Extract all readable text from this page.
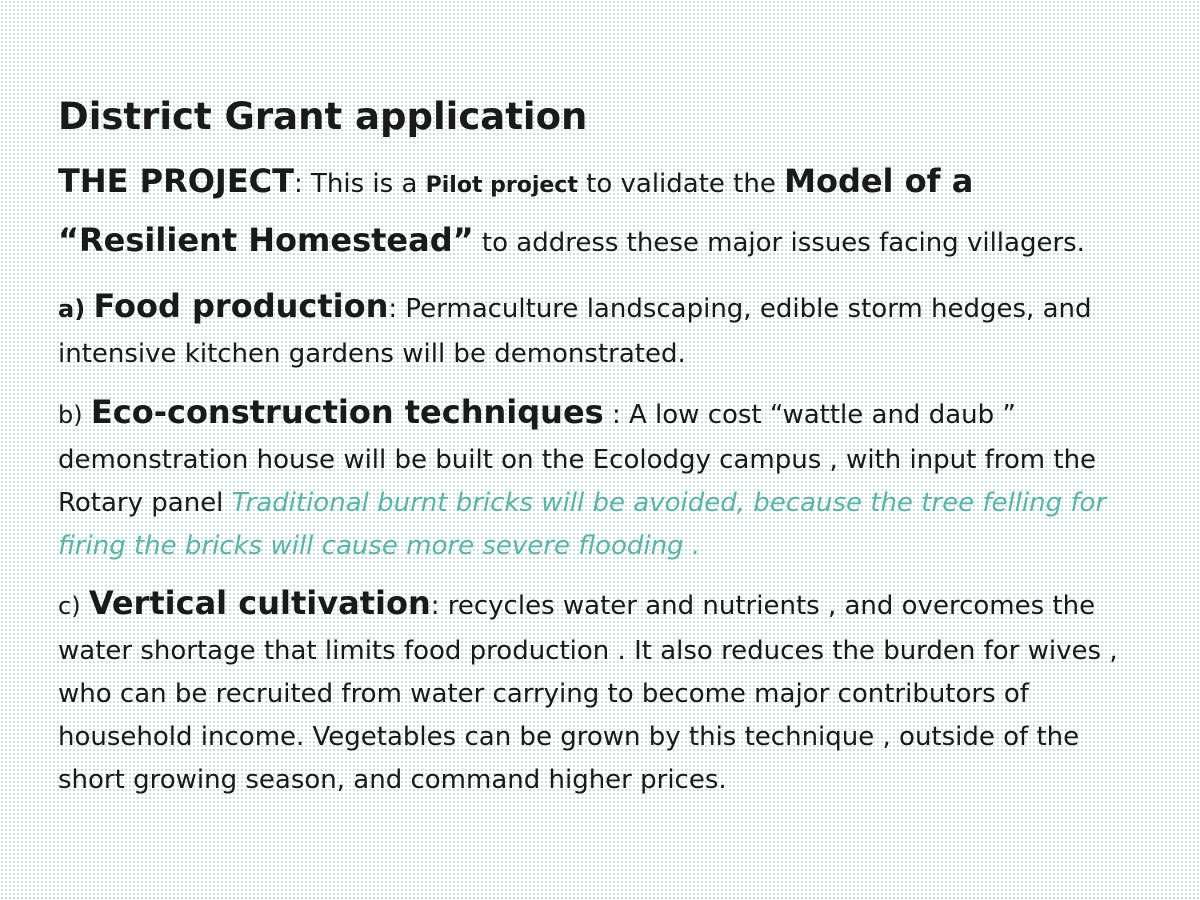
District Grant application
THE PROJECT: This is a Pilot project to validate the Model of a “Resilient Homestead” to address these major issues facing villagers.
a) Food production: Permaculture landscaping, edible storm hedges, and intensive kitchen gardens will be demonstrated.
b) Eco-construction techniques : A low cost “wattle and daub ” demonstration house will be built on the Ecolodgy campus , with input from the Rotary panel Traditional burnt bricks will be avoided, because the tree felling for firing the bricks will cause more severe flooding .
c) Vertical cultivation: recycles water and nutrients , and overcomes the water shortage that limits food production . It also reduces the burden for wives , who can be recruited from water carrying to become major contributors of household income. Vegetables can be grown by this technique , outside of the short growing season, and command higher prices.
